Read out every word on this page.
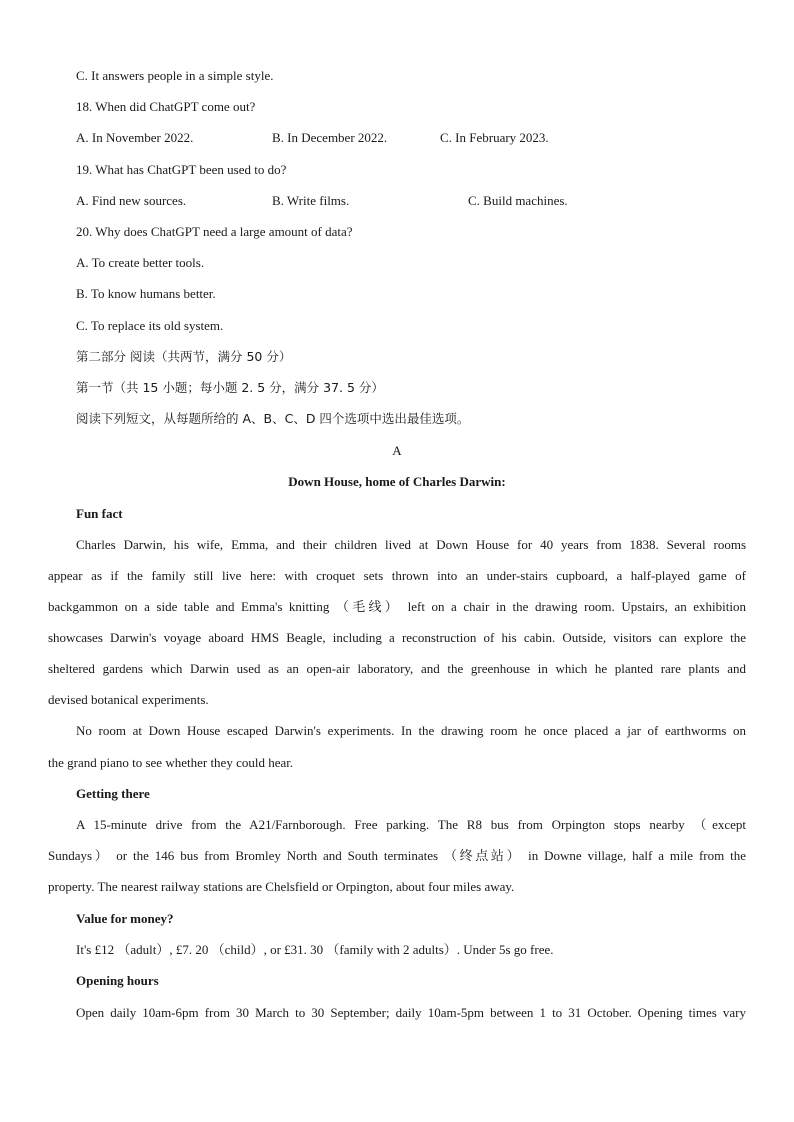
C. It answers people in a simple style.
18. When did ChatGPT come out?
A. In November 2022.	B. In December 2022.	C. In February 2023.
19. What has ChatGPT been used to do?
A. Find new sources.	B. Write films.	C. Build machines.
20. Why does ChatGPT need a large amount of data?
A. To create better tools.
B. To know humans better.
C. To replace its old system.
第二部分 阅读（共两节，满分 50 分）
第一节（共 15 小题；每小题 2. 5 分，满分 37. 5 分）
阅读下列短文，从每题所给的 A、B、C、D 四个选项中选出最佳选项。
A
Down House, home of Charles Darwin:
Fun fact
Charles Darwin, his wife, Emma, and their children lived at Down House for 40 years from 1838. Several rooms
appear as if the family still live here: with croquet sets thrown into an under-stairs cupboard, a half-played game of
backgammon on a side table and Emma's knitting （毛线） left on a chair in the drawing room. Upstairs, an exhibition
showcases Darwin's voyage aboard HMS Beagle, including a reconstruction of his cabin. Outside, visitors can explore the
sheltered gardens which Darwin used as an open-air laboratory, and the greenhouse in which he planted rare plants and
devised botanical experiments.
No room at Down House escaped Darwin's experiments. In the drawing room he once placed a jar of earthworms on
the grand piano to see whether they could hear.
Getting there
A 15-minute drive from the A21/Farnborough. Free parking. The R8 bus from Orpington stops nearby （except
Sundays） or the 146 bus from Bromley North and South terminates （终点站） in Downe village, half a mile from the
property. The nearest railway stations are Chelsfield or Orpington, about four miles away.
Value for money?
It's £12 （adult）, £7. 20 （child）, or £31. 30 （family with 2 adults）. Under 5s go free.
Opening hours
Open daily 10am-6pm from 30 March to 30 September; daily 10am-5pm between 1 to 31 October. Opening times vary
